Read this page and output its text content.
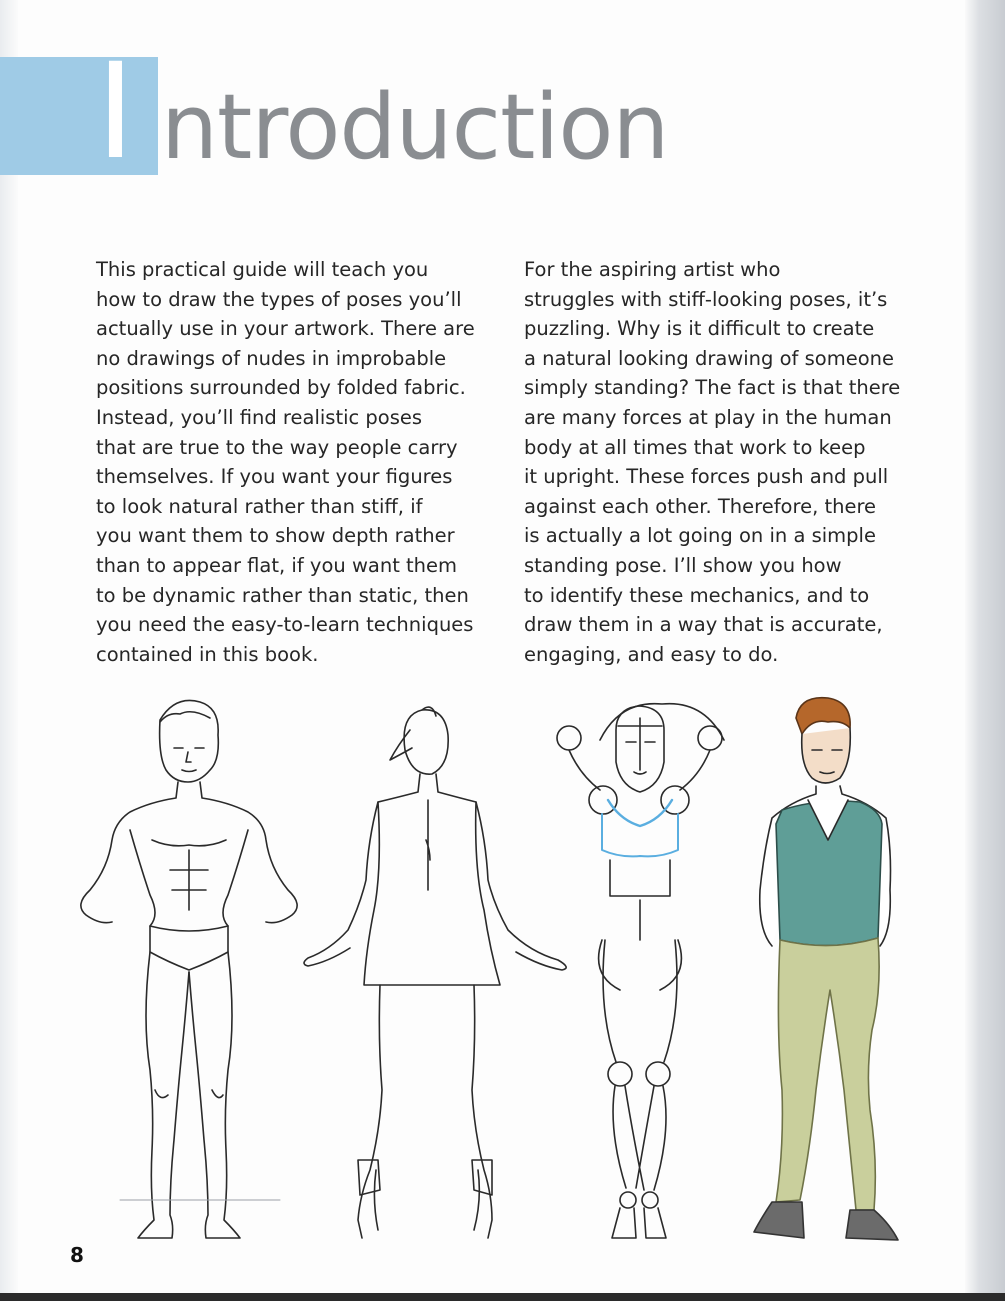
I ntroduction

This practical guide will teach you
how to draw the types of poses you’ll
actually use in your artwork. There are
no drawings of nudes in improbable
positions surrounded by folded fabric.
Instead, you’ll find realistic poses
that are true to the way people carry
themselves. If you want your figures
to look natural rather than stiff, if
you want them to show depth rather
than to appear flat, if you want them
to be dynamic rather than static, then
you need the easy-to-learn techniques
contained in this book.

For the aspiring artist who
struggles with stiff-looking poses, it’s
puzzling. Why is it difficult to create
a natural looking drawing of someone
simply standing? The fact is that there
are many forces at play in the human
body at all times that work to keep
it upright. These forces push and pull
against each other. Therefore, there
is actually a lot going on in a simple
standing pose. I’ll show you how
to identify these mechanics, and to
draw them in a way that is accurate,
engaging, and easy to do.

8
